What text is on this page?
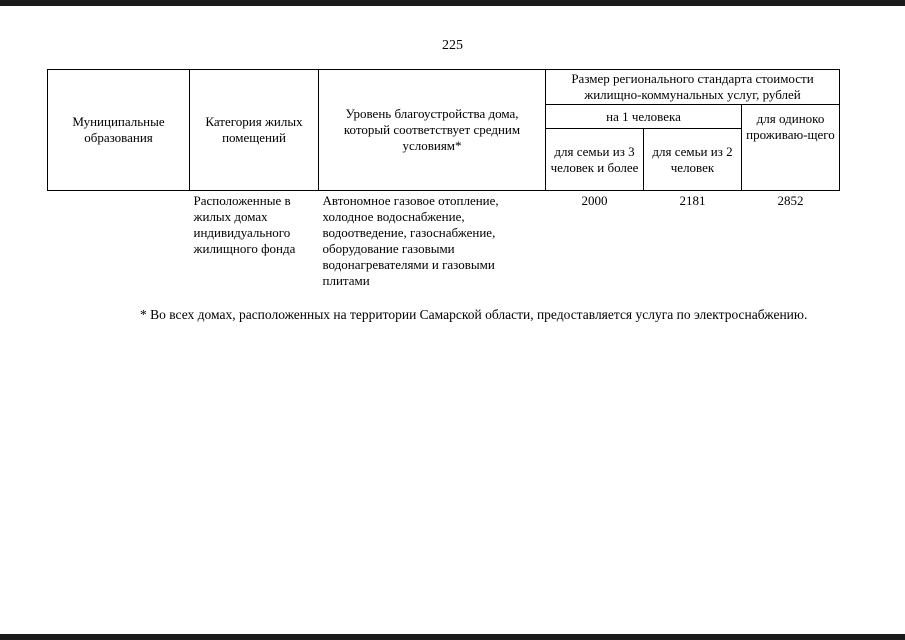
225
Муниципальные образования	Категория жилых помещений	Уровень благоустройства дома, который соответствует средним условиям*	Размер регионального стандарта стоимости жилищно-коммунальных услуг, рублей		
			на 1 человека		для одиноко проживаю-щего
			для семьи из 3 человек и более	для семьи из 2 человек	
	Расположенные в жилых домах индивидуального жилищного фонда	Автономное газовое отопление, холодное водоснабжение, водоотведение, газоснабжение, оборудование газовыми водонагревателями и газовыми плитами	2000	2181	2852
* Во всех домах, расположенных на территории Самарской области, предоставляется услуга по электроснабжению.
